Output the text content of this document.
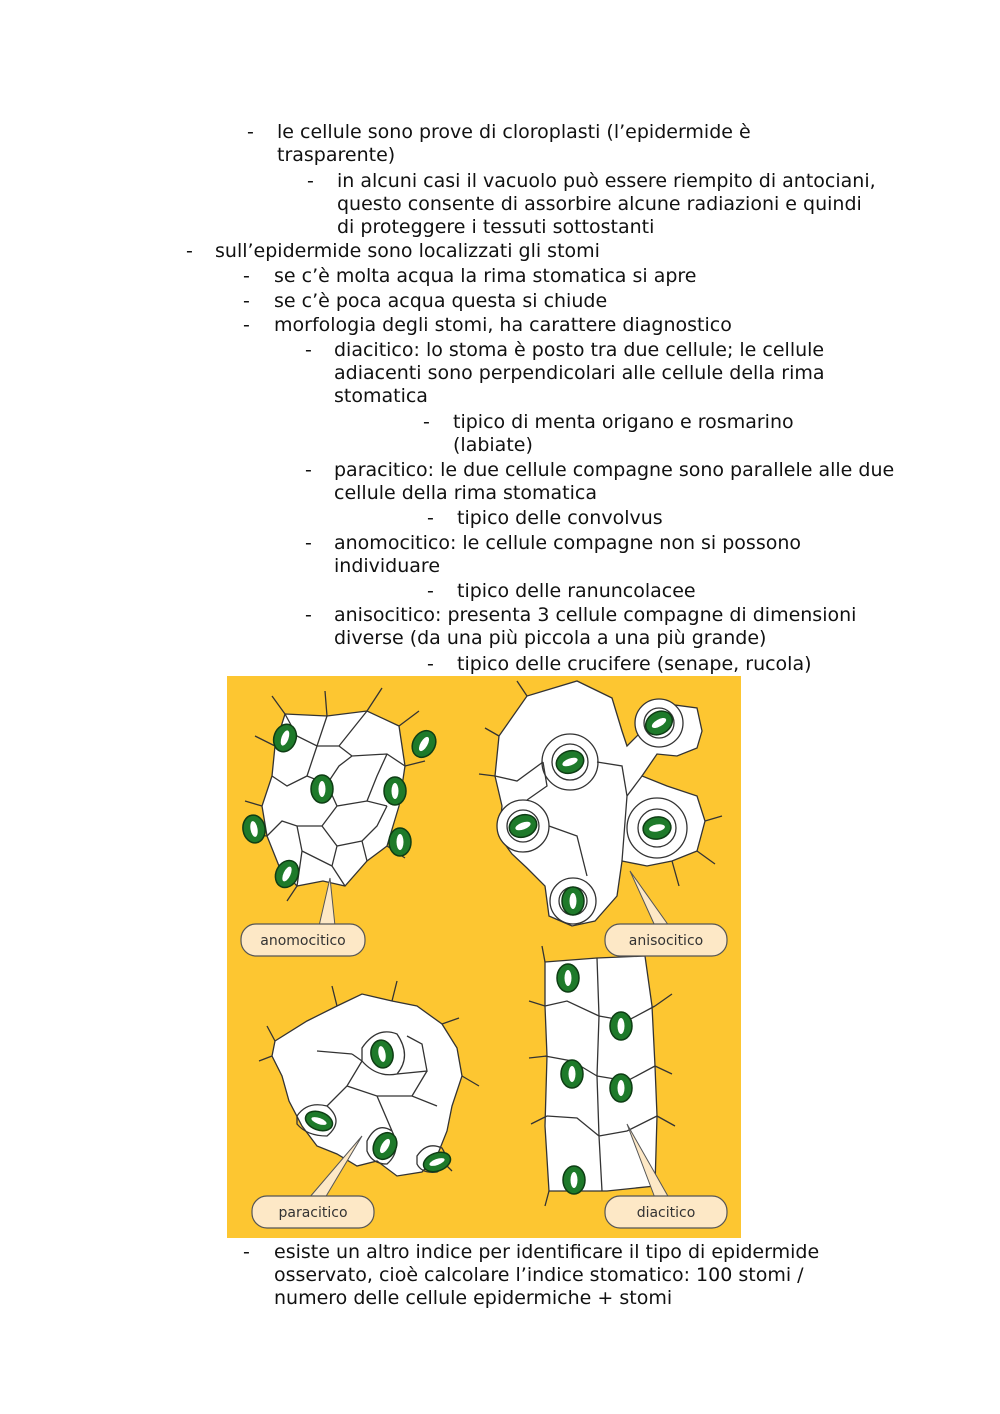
-
-
-
-
-
-
-
-
-
-
-
-
-
-
-
le cellule sono prove di cloroplasti (l’epidermide è trasparente)
in alcuni casi il vacuolo può essere riempito di antociani, questo consente di assorbire alcune radiazioni e quindi di proteggere i tessuti sottostanti
sull’epidermide sono localizzati gli stomi
se c’è molta acqua la rima stomatica si apre
se c’è poca acqua questa si chiude
morfologia degli stomi, ha carattere diagnostico
diacitico: lo stoma è posto tra due cellule; le cellule adiacenti sono perpendicolari alle cellule della rima stomatica
tipico di menta origano e rosmarino (labiate)
paracitico: le due cellule compagne sono parallele alle due cellule della rima stomatica
tipico delle convolvus
anomocitico: le cellule compagne non si possono individuare
tipico delle ranuncolacee
anisocitico: presenta 3 cellule compagne di dimensioni diverse (da una più piccola a una più grande)
tipico delle crucifere (senape, rucola)
esiste un altro indice per identificare il tipo di epidermide osservato, cioè calcolare l’indice stomatico: 100 stomi / numero delle cellule epidermiche + stomi
anomocitico	anisocitico
paracitico	diacitico
